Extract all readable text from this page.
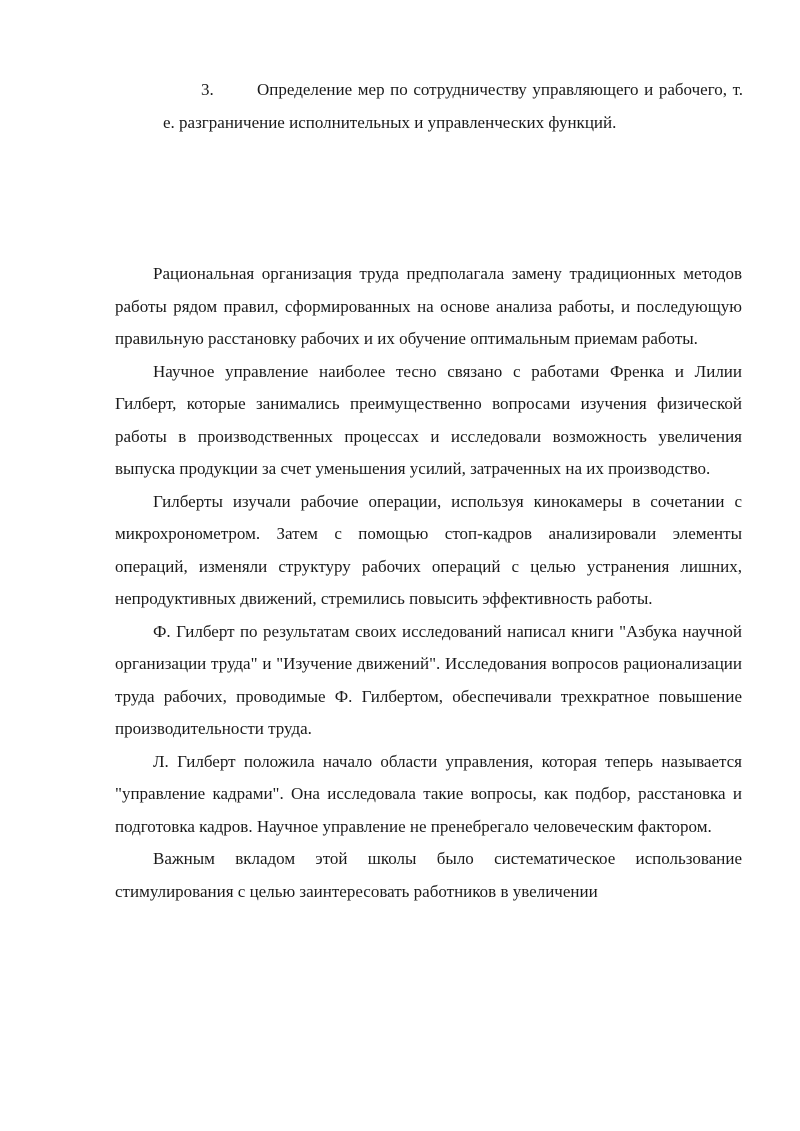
3.	Определение мер по сотрудничеству управляющего и рабочего, т. е. разграничение исполнительных и управленческих функций.

Рациональная организация труда предполагала замену традиционных методов работы рядом правил, сформированных на основе анализа работы, и последующую правильную расстановку рабочих и их обучение оптимальным приемам работы.

Научное управление наиболее тесно связано с работами Френка и Лилии Гилберт, которые занимались преимущественно вопросами изучения физической работы в производственных процессах и исследовали возможность увеличения выпуска продукции за счет уменьшения усилий, затраченных на их производство.

Гилберты изучали рабочие операции, используя кинокамеры в сочетании с микрохронометром. Затем с помощью стоп-кадров анализировали элементы операций, изменяли структуру рабочих операций с целью устранения лишних, непродуктивных движений, стремились повысить эффективность работы.

Ф. Гилберт по результатам своих исследований написал книги "Азбука научной организации труда" и "Изучение движений". Исследования вопросов рационализации труда рабочих, проводимые Ф. Гилбертом, обеспечивали трехкратное повышение производительности труда.

Л. Гилберт положила начало области управления, которая теперь называется "управление кадрами". Она исследовала такие вопросы, как подбор, расстановка и подготовка кадров. Научное управление не пренебрегало человеческим фактором.

Важным вкладом этой школы было систематическое использование стимулирования с целью заинтересовать работников в увеличении
